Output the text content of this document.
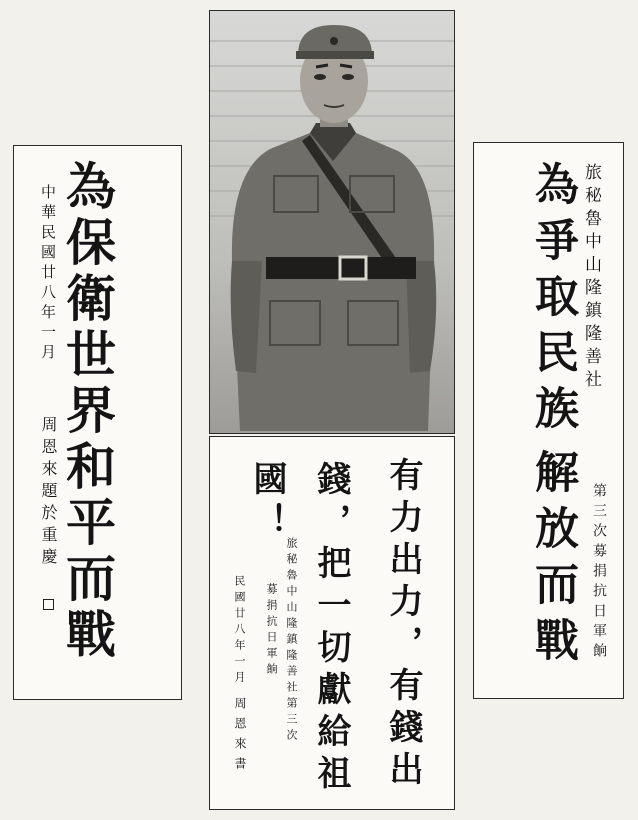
為保衛世界和平而戰
中華民國廿八年一月
周恩來題於重慶
為爭取民族
解放而戰
旅秘魯中山隆鎮隆善社
第三次募捐抗日軍餉
有力出力，有錢出
錢，把一切獻給祖
國！
旅秘魯中山隆鎮隆善社第三次
募捐抗日軍餉
民國廿八年一月
周恩來書
